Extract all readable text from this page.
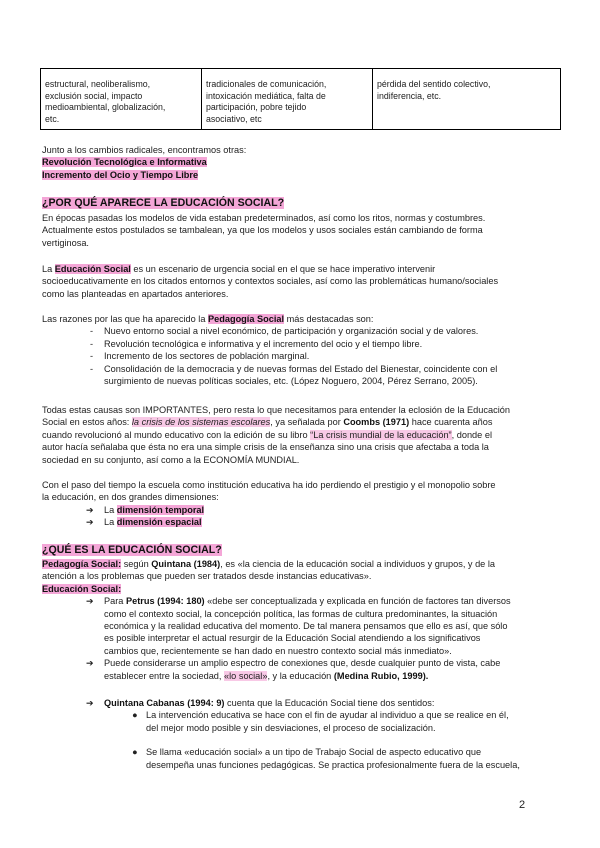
estructural, neoliberalismo,
exclusión social, impacto
medioambiental, globalización,
etc.

tradicionales de comunicación,
intoxicación mediática, falta de
participación, pobre tejido
asociativo, etc

pérdida del sentido colectivo,
indiferencia, etc.
Junto a los cambios radicales, encontramos otras:
Revolución Tecnológica e Informativa
Incremento del Ocio y Tiempo Libre
¿POR QUÉ APARECE LA EDUCACIÓN SOCIAL?
En épocas pasadas los modelos de vida estaban predeterminados, así como los ritos, normas y costumbres.
Actualmente estos postulados se tambalean, ya que los modelos y usos sociales están cambiando de forma
vertiginosa.
La Educación Social es un escenario de urgencia social en el que se hace imperativo intervenir
socioeducativamente en los citados entornos y contextos sociales, así como las problemáticas humano/sociales
como las planteadas en apartados anteriores.
Las razones por las que ha aparecido la Pedagogía Social más destacadas son:
- Nuevo entorno social a nivel económico, de participación y organización social y de valores.
- Revolución tecnológica e informativa y el incremento del ocio y el tiempo libre.
- Incremento de los sectores de población marginal.
- Consolidación de la democracia y de nuevas formas del Estado del Bienestar, coincidente con el
surgimiento de nuevas políticas sociales, etc. (López Noguero, 2004, Pérez Serrano, 2005).
Todas estas causas son IMPORTANTES, pero resta lo que necesitamos para entender la eclosión de la Educación
Social en estos años: la crisis de los sistemas escolares, ya señalada por Coombs (1971) hace cuarenta años
cuando revolucionó al mundo educativo con la edición de su libro “La crisis mundial de la educación”, donde el
autor hacía señalaba que ésta no era una simple crisis de la enseñanza sino una crisis que afectaba a toda la
sociedad en su conjunto, así como a la ECONOMÍA MUNDIAL.
Con el paso del tiempo la escuela como institución educativa ha ido perdiendo el prestigio y el monopolio sobre
la educación, en dos grandes dimensiones:
➔ La dimensión temporal
➔ La dimensión espacial
¿QUÉ ES LA EDUCACIÓN SOCIAL?
Pedagogía Social: según Quintana (1984), es «la ciencia de la educación social a individuos y grupos, y de la
atención a los problemas que pueden ser tratados desde instancias educativas».
Educación Social:
➔ Para Petrus (1994: 180) «debe ser conceptualizada y explicada en función de factores tan diversos
como el contexto social, la concepción política, las formas de cultura predominantes, la situación
económica y la realidad educativa del momento. De tal manera pensamos que ello es así, que sólo
es posible interpretar el actual resurgir de la Educación Social atendiendo a los significativos
cambios que, recientemente se han dado en nuestro contexto social más inmediato».
➔ Puede considerarse un amplio espectro de conexiones que, desde cualquier punto de vista, cabe
establecer entre la sociedad, «lo social», y la educación (Medina Rubio, 1999).
➔ Quintana Cabanas (1994: 9) cuenta que la Educación Social tiene dos sentidos:
● La intervención educativa se hace con el fin de ayudar al individuo a que se realice en él,
del mejor modo posible y sin desviaciones, el proceso de socialización.
● Se llama «educación social» a un tipo de Trabajo Social de aspecto educativo que
desempeña unas funciones pedagógicas. Se practica profesionalmente fuera de la escuela,
2
